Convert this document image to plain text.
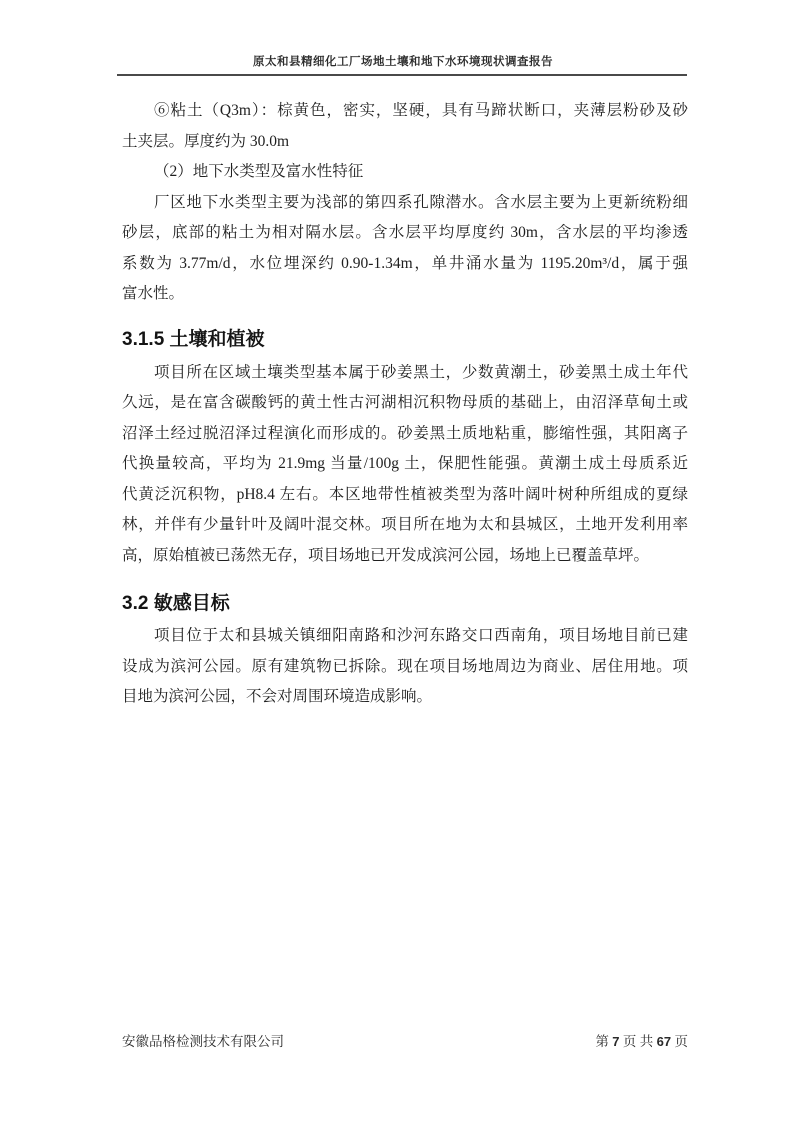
原太和县精细化工厂场地土壤和地下水环境现状调查报告
⑥粘土（Q3m）：棕黄色，密实，坚硬，具有马蹄状断口，夹薄层粉砂及砂
土夹层。厚度约为 30.0m
（2）地下水类型及富水性特征
厂区地下水类型主要为浅部的第四系孔隙潜水。含水层主要为上更新统粉细
砂层，底部的粘土为相对隔水层。含水层平均厚度约 30m，含水层的平均渗透
系数为 3.77m/d，水位埋深约 0.90-1.34m，单井涌水量为 1195.20m³/d，属于强
富水性。
3.1.5 土壤和植被
项目所在区域土壤类型基本属于砂姜黑土，少数黄潮土，砂姜黑土成土年代
久远，是在富含碳酸钙的黄土性古河湖相沉积物母质的基础上，由沼泽草甸土或
沼泽土经过脱沼泽过程演化而形成的。砂姜黑土质地粘重，膨缩性强，其阳离子
代换量较高，平均为 21.9mg 当量/100g 土，保肥性能强。黄潮土成土母质系近
代黄泛沉积物，pH8.4 左右。本区地带性植被类型为落叶阔叶树种所组成的夏绿
林，并伴有少量针叶及阔叶混交林。项目所在地为太和县城区，土地开发利用率
高，原始植被已荡然无存，项目场地已开发成滨河公园，场地上已覆盖草坪。
3.2 敏感目标
项目位于太和县城关镇细阳南路和沙河东路交口西南角，项目场地目前已建
设成为滨河公园。原有建筑物已拆除。现在项目场地周边为商业、居住用地。项
目地为滨河公园，不会对周围环境造成影响。
安徽品格检测技术有限公司	第 7 页 共 67 页
